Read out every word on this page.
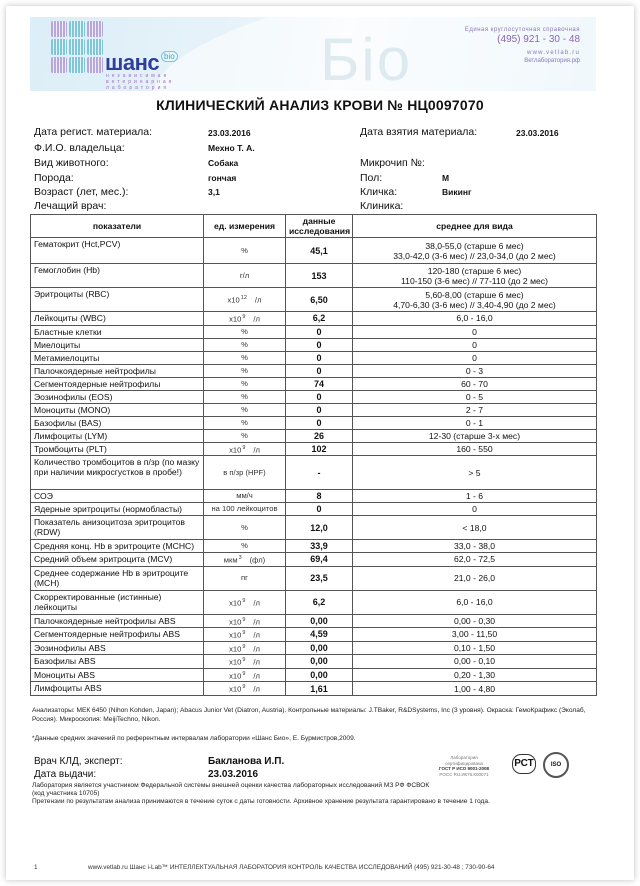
шанс bio
независимая ветеринарная лаборатория	Бio	Единая круглосуточная справочная
(495) 921 - 30 - 48
www.vetlab.ru
Ветлаборатория.рф
КЛИНИЧЕСКИЙ АНАЛИЗ КРОВИ № НЦ0097070
Дата регист. материала:	23.03.2016	Дата взятия материала:	23.03.2016
Ф.И.О. владельца:	Мехно Т. А.
Вид животного:	Собака	Микрочип №:
Порода:	гончая	Пол:	М
Возраст (лет, мес.):	3,1	Кличка:	Викинг
Лечащий врач:	Клиника:
показатели	ед. измерения	данные исследования	среднее для вида
Гематокрит (Hct,PCV)	%	45,1	38,0-55,0 (старше 6 мес)
33,0-42,0 (3-6 мес) // 23,0-34,0 (до 2 мес)

Гемоглобин (Hb)	г/л	153	120-180 (старше 6 мес)
110-150 (3-6 мес) // 77-110 (до 2 мес)

Эритроциты (RBC)	$x10^{12}$ /л	6,50	5,60-8,00 (старше 6 мес)
4,70-6,30 (3-6 мес) // 3,40-4,90 (до 2 мес)

Лейкоциты (WBC)	$x10^9$ /л	6,2	6,0 - 16,0

Бластные клетки	%	0	0

Миелоциты	%	0	0

Метамиелоциты	%	0	0

Палочкоядерные нейтрофилы	%	0	0 - 3

Сегментоядерные нейтрофилы	%	74	60 - 70

Эозинофилы (EOS)	%	0	0 - 5

Моноциты (MONO)	%	0	2 - 7

Базофилы (BAS)	%	0	0 - 1

Лимфоциты (LYM)	%	26	12-30 (старше 3-х мес)

Тромбоциты (PLT)	$x10^9$ /л	102	160 - 550

Количество тромбоцитов в п/зр (по мазку при наличии микросгустков в пробе!)	в п/зр (HPF)	-	> 5

СОЭ	мм/ч	8	1 - 6

Ядерные эритроциты (нормобласты)	на 100 лейкоцитов	0	0

Показатель анизоцитоза эритроцитов (RDW)	%	12,0	< 18,0

Средняя конц. Hb в эритроците (MCHC)	%	33,9	33,0 - 38,0

Средний объем эритроцита (MCV)	мкм$^3$ (фл)	69,4	62,0 - 72,5

Среднее содержание Hb в эритроците (MCH)	пг	23,5	21,0 - 26,0

Скорректированные (истинные) лейкоциты	$x10^9$ /л	6,2	6,0 - 16,0

Палочкоядерные нейтрофилы ABS	$x10^9$ /л	0,00	0,00 - 0,30

Сегментоядерные нейтрофилы ABS	$x10^9$ /л	4,59	3,00 - 11,50

Эозинофилы ABS	$x10^9$ /л	0,00	0,10 - 1,50

Базофилы ABS	$x10^9$ /л	0,00	0,00 - 0,10

Моноциты ABS	$x10^9$ /л	0,00	0,20 - 1,30

Лимфоциты ABS	$x10^9$ /л	1,61	1,00 - 4,80
Анализаторы: МЕК 6450 (Nihon Kohden, Japan); Abacus Junior Vet (Diatron, Austria). Контрольные материалы: J.TBaker, R&DSystems, Inc (3 уровня). Окраска: ГемоКрафикс (Эколаб, Россия). Микроскопия: MeijiTechno, Nikon.
*Данные средних значений по референтным интервалам лаборатории «Шанс Био», Е. Бурмистров,2009.
Врач КЛД, эксперт:	Бакланова И.П.
Дата выдачи:	23.03.2016
Лаборатория является участником Федеральной системы внешней оценки качества лабораторных исследований МЗ РФ ФСВОК
(код участника 10705)
Претензии по результатам анализа принимаются в течение суток с даты готовности. Архивное хранение результата гарантировано в течение 1 года.
Лаборатория сертифицирована
ГОСТ Р ИСО 9001-2008
РОСС RU.ИК76.К00071
РСТ	ISO
1	www.vetlab.ru Шанс i-Lab™ ИНТЕЛЛЕКТУАЛЬНАЯ ЛАБОРАТОРИЯ КОНТРОЛЬ КАЧЕСТВА ИССЛЕДОВАНИЙ (495) 921-30-48 ; 730-90-64
